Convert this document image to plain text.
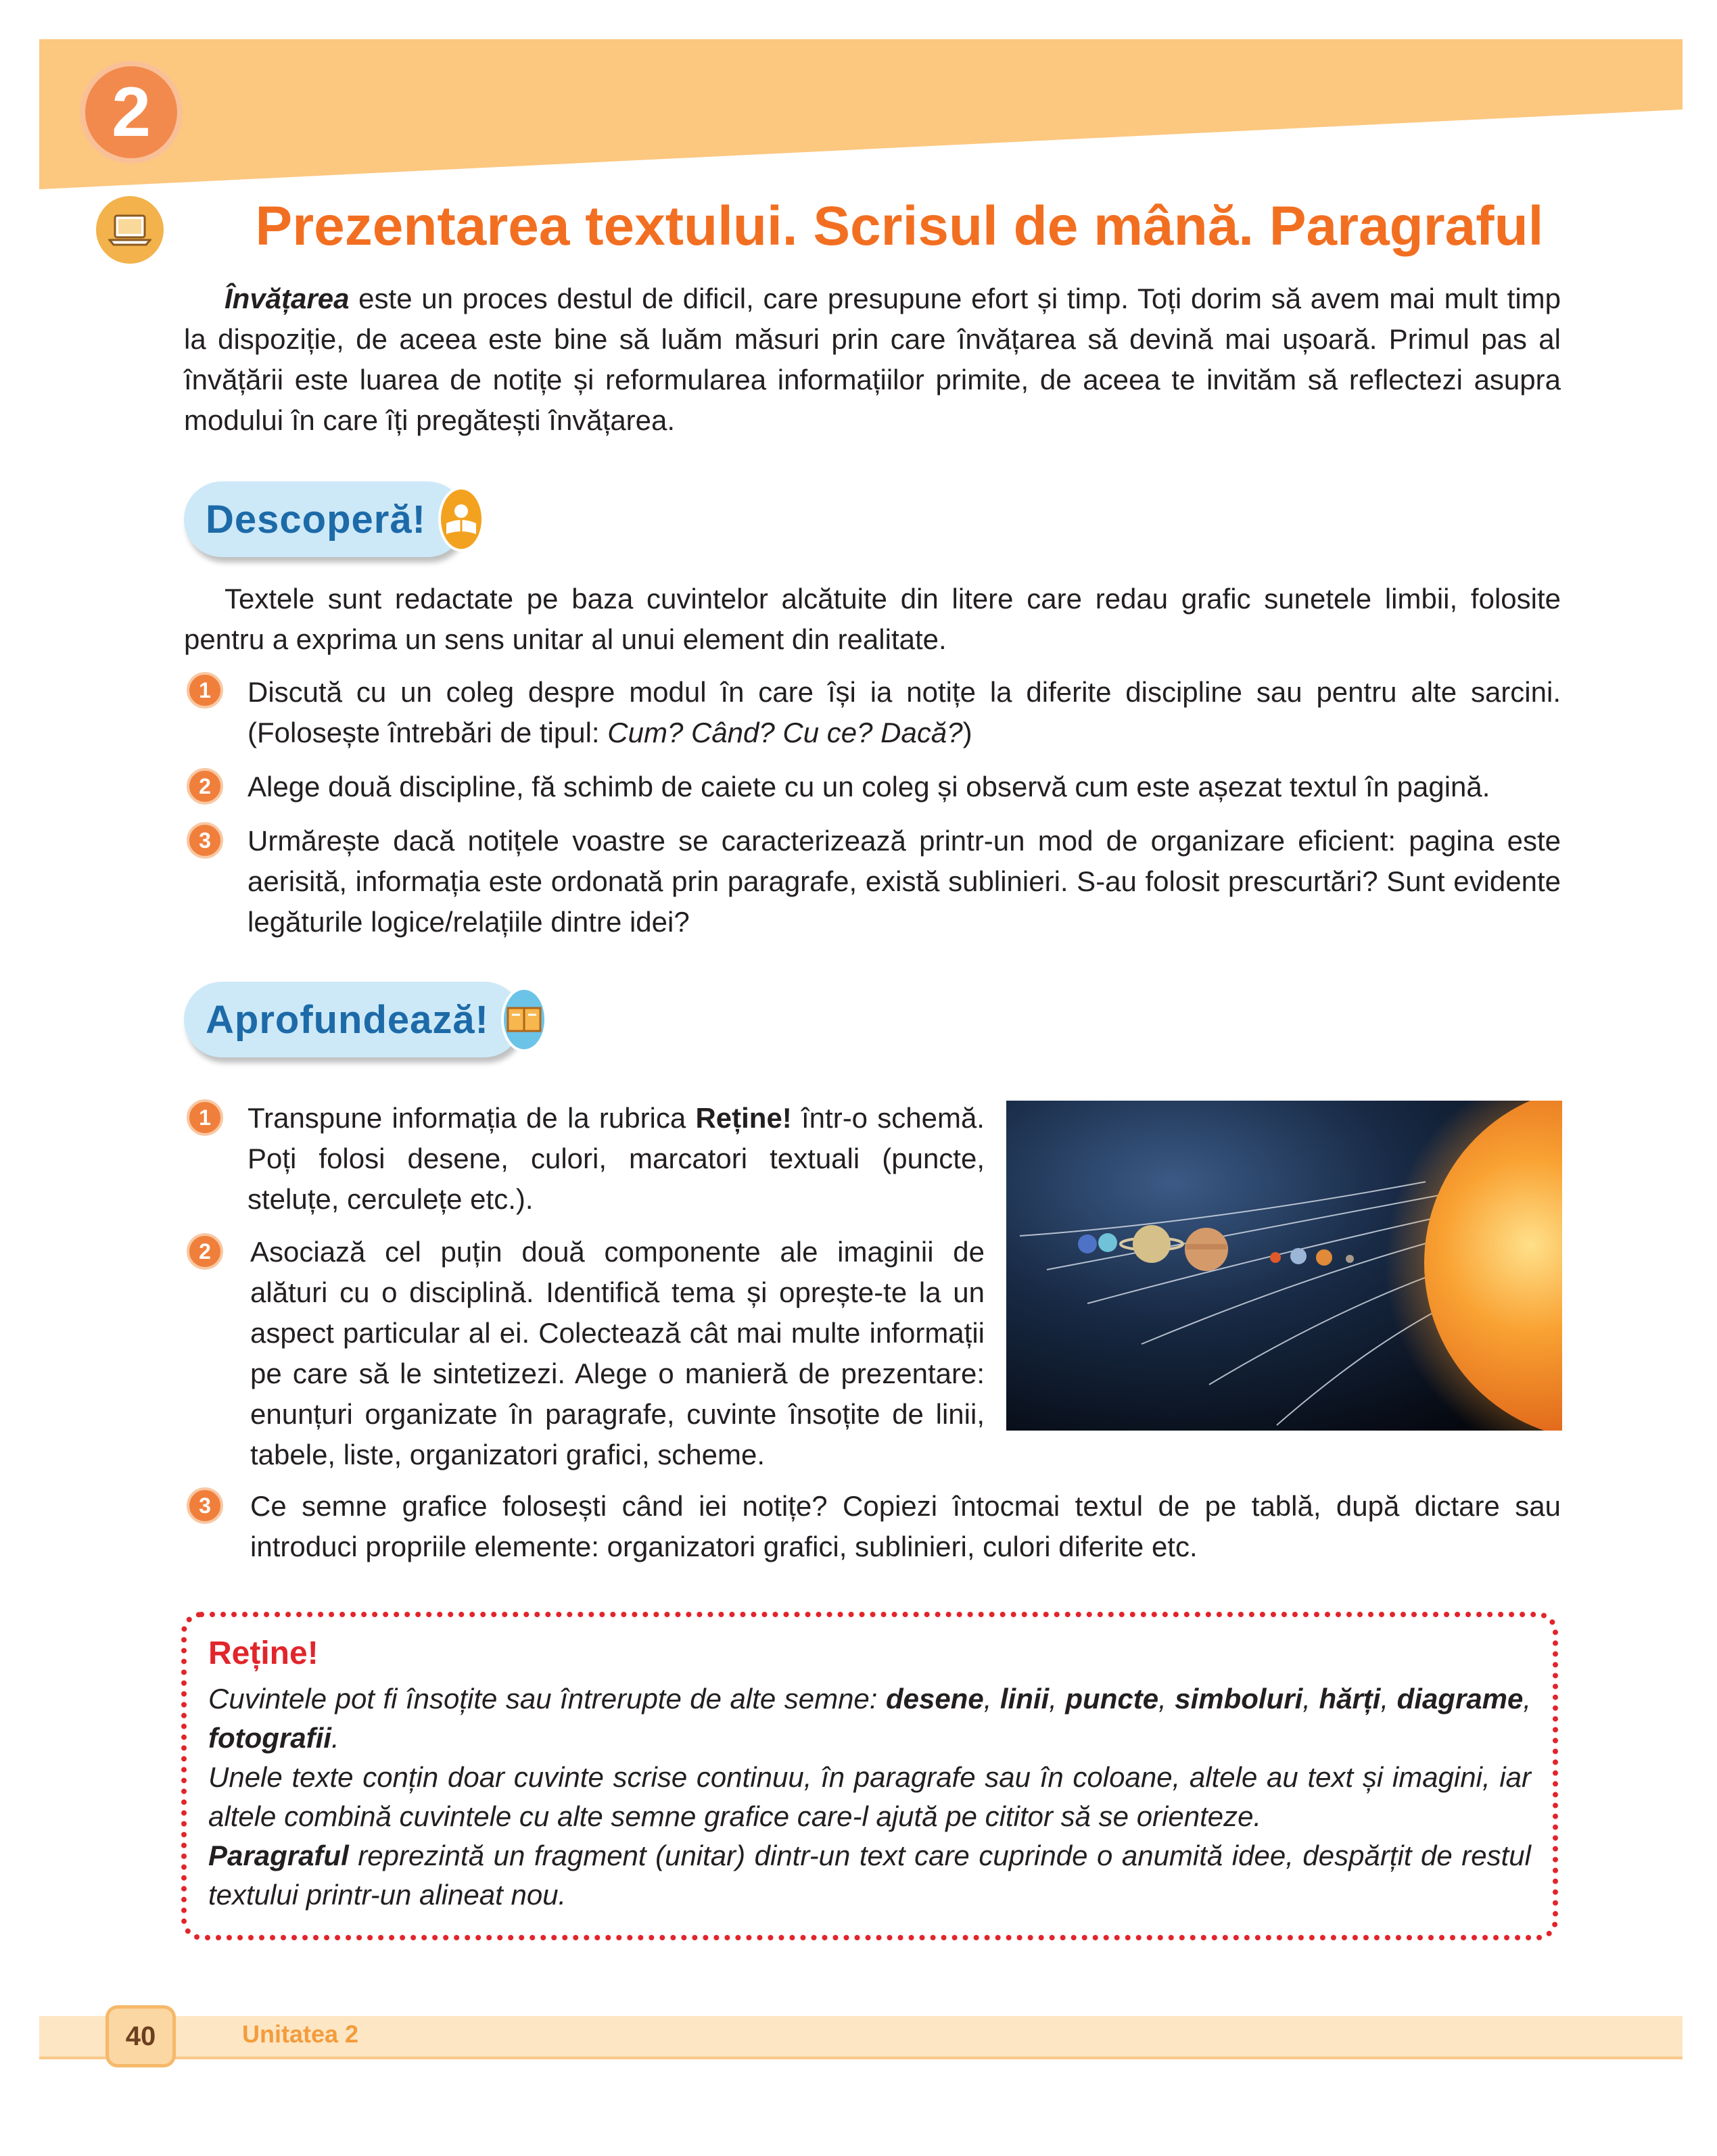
2
Prezentarea textului. Scrisul de mână. Paragraful
Învățarea este un proces destul de dificil, care presupune efort și timp. Toți dorim să avem mai mult timp la dispoziție, de aceea este bine să luăm măsuri prin care învățarea să devină mai ușoară. Primul pas al învățării este luarea de notițe și reformularea informațiilor primite, de aceea te invităm să reflectezi asupra modului în care îți pregătești învățarea.
Descoperă!
Textele sunt redactate pe baza cuvintelor alcătuite din litere care redau grafic sunetele limbii, folosite pentru a exprima un sens unitar al unui element din realitate.
1	Discută cu un coleg despre modul în care își ia notițe la diferite discipline sau pentru alte sarcini. (Folosește întrebări de tipul: Cum? Când? Cu ce? Dacă?)
2	Alege două discipline, fă schimb de caiete cu un coleg și observă cum este așezat textul în pagină.
3	Urmărește dacă notițele voastre se caracterizează printr-un mod de organizare eficient: pagina este aerisită, informația este ordonată prin paragrafe, există sublinieri. S-au folosit prescurtări? Sunt evidente legăturile logice/relațiile dintre idei?
Aprofundează!
1	Transpune informația de la rubrica Reține! într-o schemă. Poți folosi desene, culori, marcatori textuali (puncte, steluțe, cerculețe etc.).
2	Asociază cel puțin două componente ale imaginii de alături cu o disciplină. Identifică tema și oprește-te la un aspect particular al ei. Colectează cât mai multe informații pe care să le sintetizezi. Alege o manieră de prezentare: enunțuri organizate în paragrafe, cuvinte însoțite de linii, tabele, liste, organizatori grafici, scheme.
3	Ce semne grafice folosești când iei notițe? Copiezi întocmai textul de pe tablă, după dictare sau introduci propriile elemente: organizatori grafici, sublinieri, culori diferite etc.
Reține!
Cuvintele pot fi însoțite sau întrerupte de alte semne: desene, linii, puncte, simboluri, hărți, diagrame, fotografii.
Unele texte conțin doar cuvinte scrise continuu, în paragrafe sau în coloane, altele au text și imagini, iar altele combină cuvintele cu alte semne grafice care-l ajută pe cititor să se orienteze.
Paragraful reprezintă un fragment (unitar) dintr-un text care cuprinde o anumită idee, despărțit de restul textului printr-un alineat nou.
40	Unitatea 2
